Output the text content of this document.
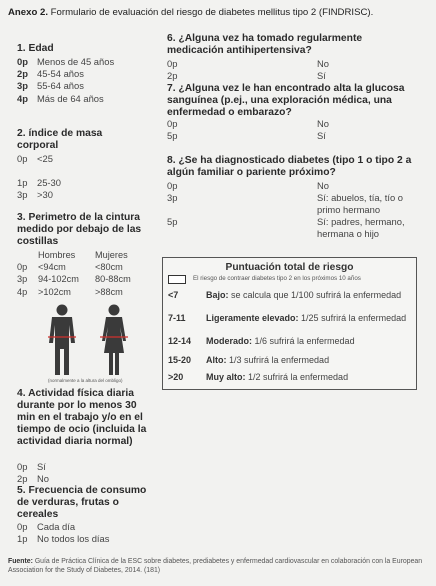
Anexo 2. Formulario de evaluación del riesgo de diabetes mellitus tipo 2 (FINDRISC).
1. Edad
0p Menos de 45 años
2p 45-54 años
3p 55-64 años
4p Más de 64 años
2. índice de masa corporal
0p <25
1p 25-30
3p >30
3. Perimetro de la cintura medido por debajo de las costillas
Hombres Mujeres
0p <94cm	<80cm
3p 94-102cm 80-88cm
4p >102cm	>88cm
(normalmente a la altura del ombligo)
4. Actividad física diaria durante por lo menos 30 min en el trabajo y/o en el tiempo de ocio (incluida la actividad diaria normal)
0p Sí
2p No
5. Frecuencia de consumo de verduras, frutas o cereales
0p Cada día
1p No todos los días
6. ¿Alguna vez ha tomado regularmente medicación antihipertensiva?
0p	No
2p	Sí
7. ¿Alguna vez le han encontrado alta la glucosa sanguínea (p.ej., una exploración médica, una enfermedad o embarazo?
0p	No
5p	Sí
8. ¿Se ha diagnosticado diabetes (tipo 1 o tipo 2 a algún familiar o pariente próximo?
0p	No
3p	Sí: abuelos, tía, tío o primo hermano
5p	Sí: padres, hermano, hermana o hijo
Puntuación total de riesgo
El riesgo de contraer diabetes tipo 2 en los próximos 10 años
<7	Bajo: se calcula que 1/100 sufrirá la enfermedad
7-11 Ligeramente elevado: 1/25 sufrirá la enfermedad
12-14 Moderado: 1/6 sufrirá la enfermedad
15-20 Alto: 1/3 sufrirá la enfermedad
>20	Muy alto: 1/2 sufrirá la enfermedad
Fuente: Guía de Práctica Clínica de la ESC sobre diabetes, prediabetes y enfermedad cardiovascular en colaboración con la European Association for the Study of Diabetes, 2014. (181)
